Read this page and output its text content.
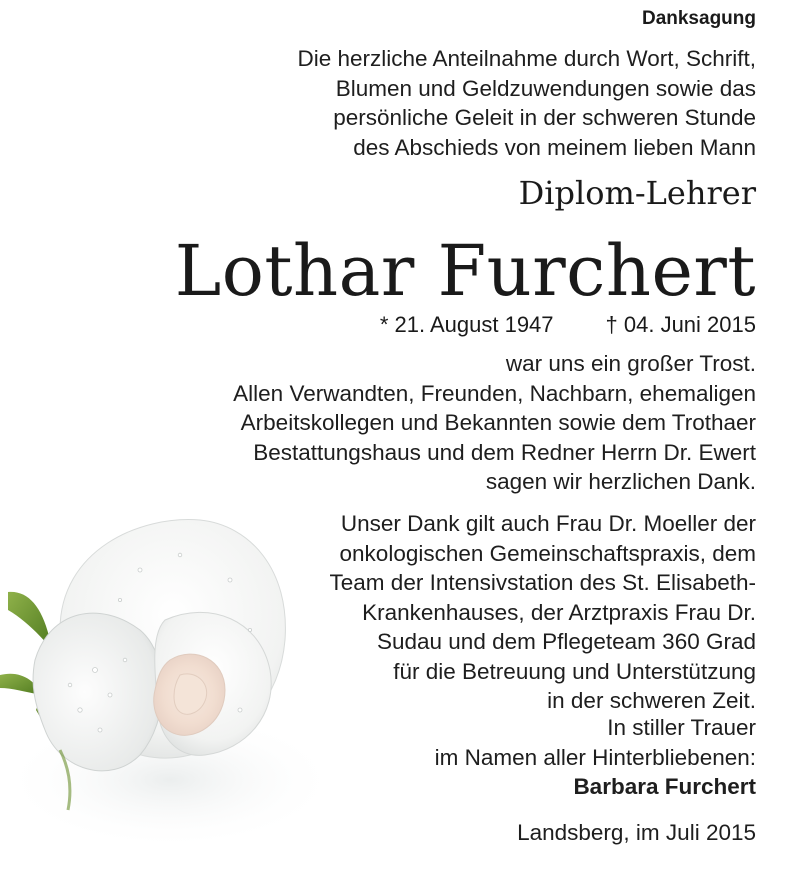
Danksagung
Die herzliche Anteilnahme durch Wort, Schrift,
Blumen und Geldzuwendungen sowie das
persönliche Geleit in der schweren Stunde
des Abschieds von meinem lieben Mann
Diplom-Lehrer
Lothar Furchert
* 21. August 1947 † 04. Juni 2015
war uns ein großer Trost.
Allen Verwandten, Freunden, Nachbarn, ehemaligen
Arbeitskollegen und Bekannten sowie dem Trothaer
Bestattungshaus und dem Redner Herrn Dr. Ewert
sagen wir herzlichen Dank.
Unser Dank gilt auch Frau Dr. Moeller der
onkologischen Gemeinschaftspraxis, dem
Team der Intensivstation des St. Elisabeth-
Krankenhauses, der Arztpraxis Frau Dr.
Sudau und dem Pflegeteam 360 Grad
für die Betreuung und Unterstützung
in der schweren Zeit.
In stiller Trauer
im Namen aller Hinterbliebenen:
Barbara Furchert
Landsberg, im Juli 2015
